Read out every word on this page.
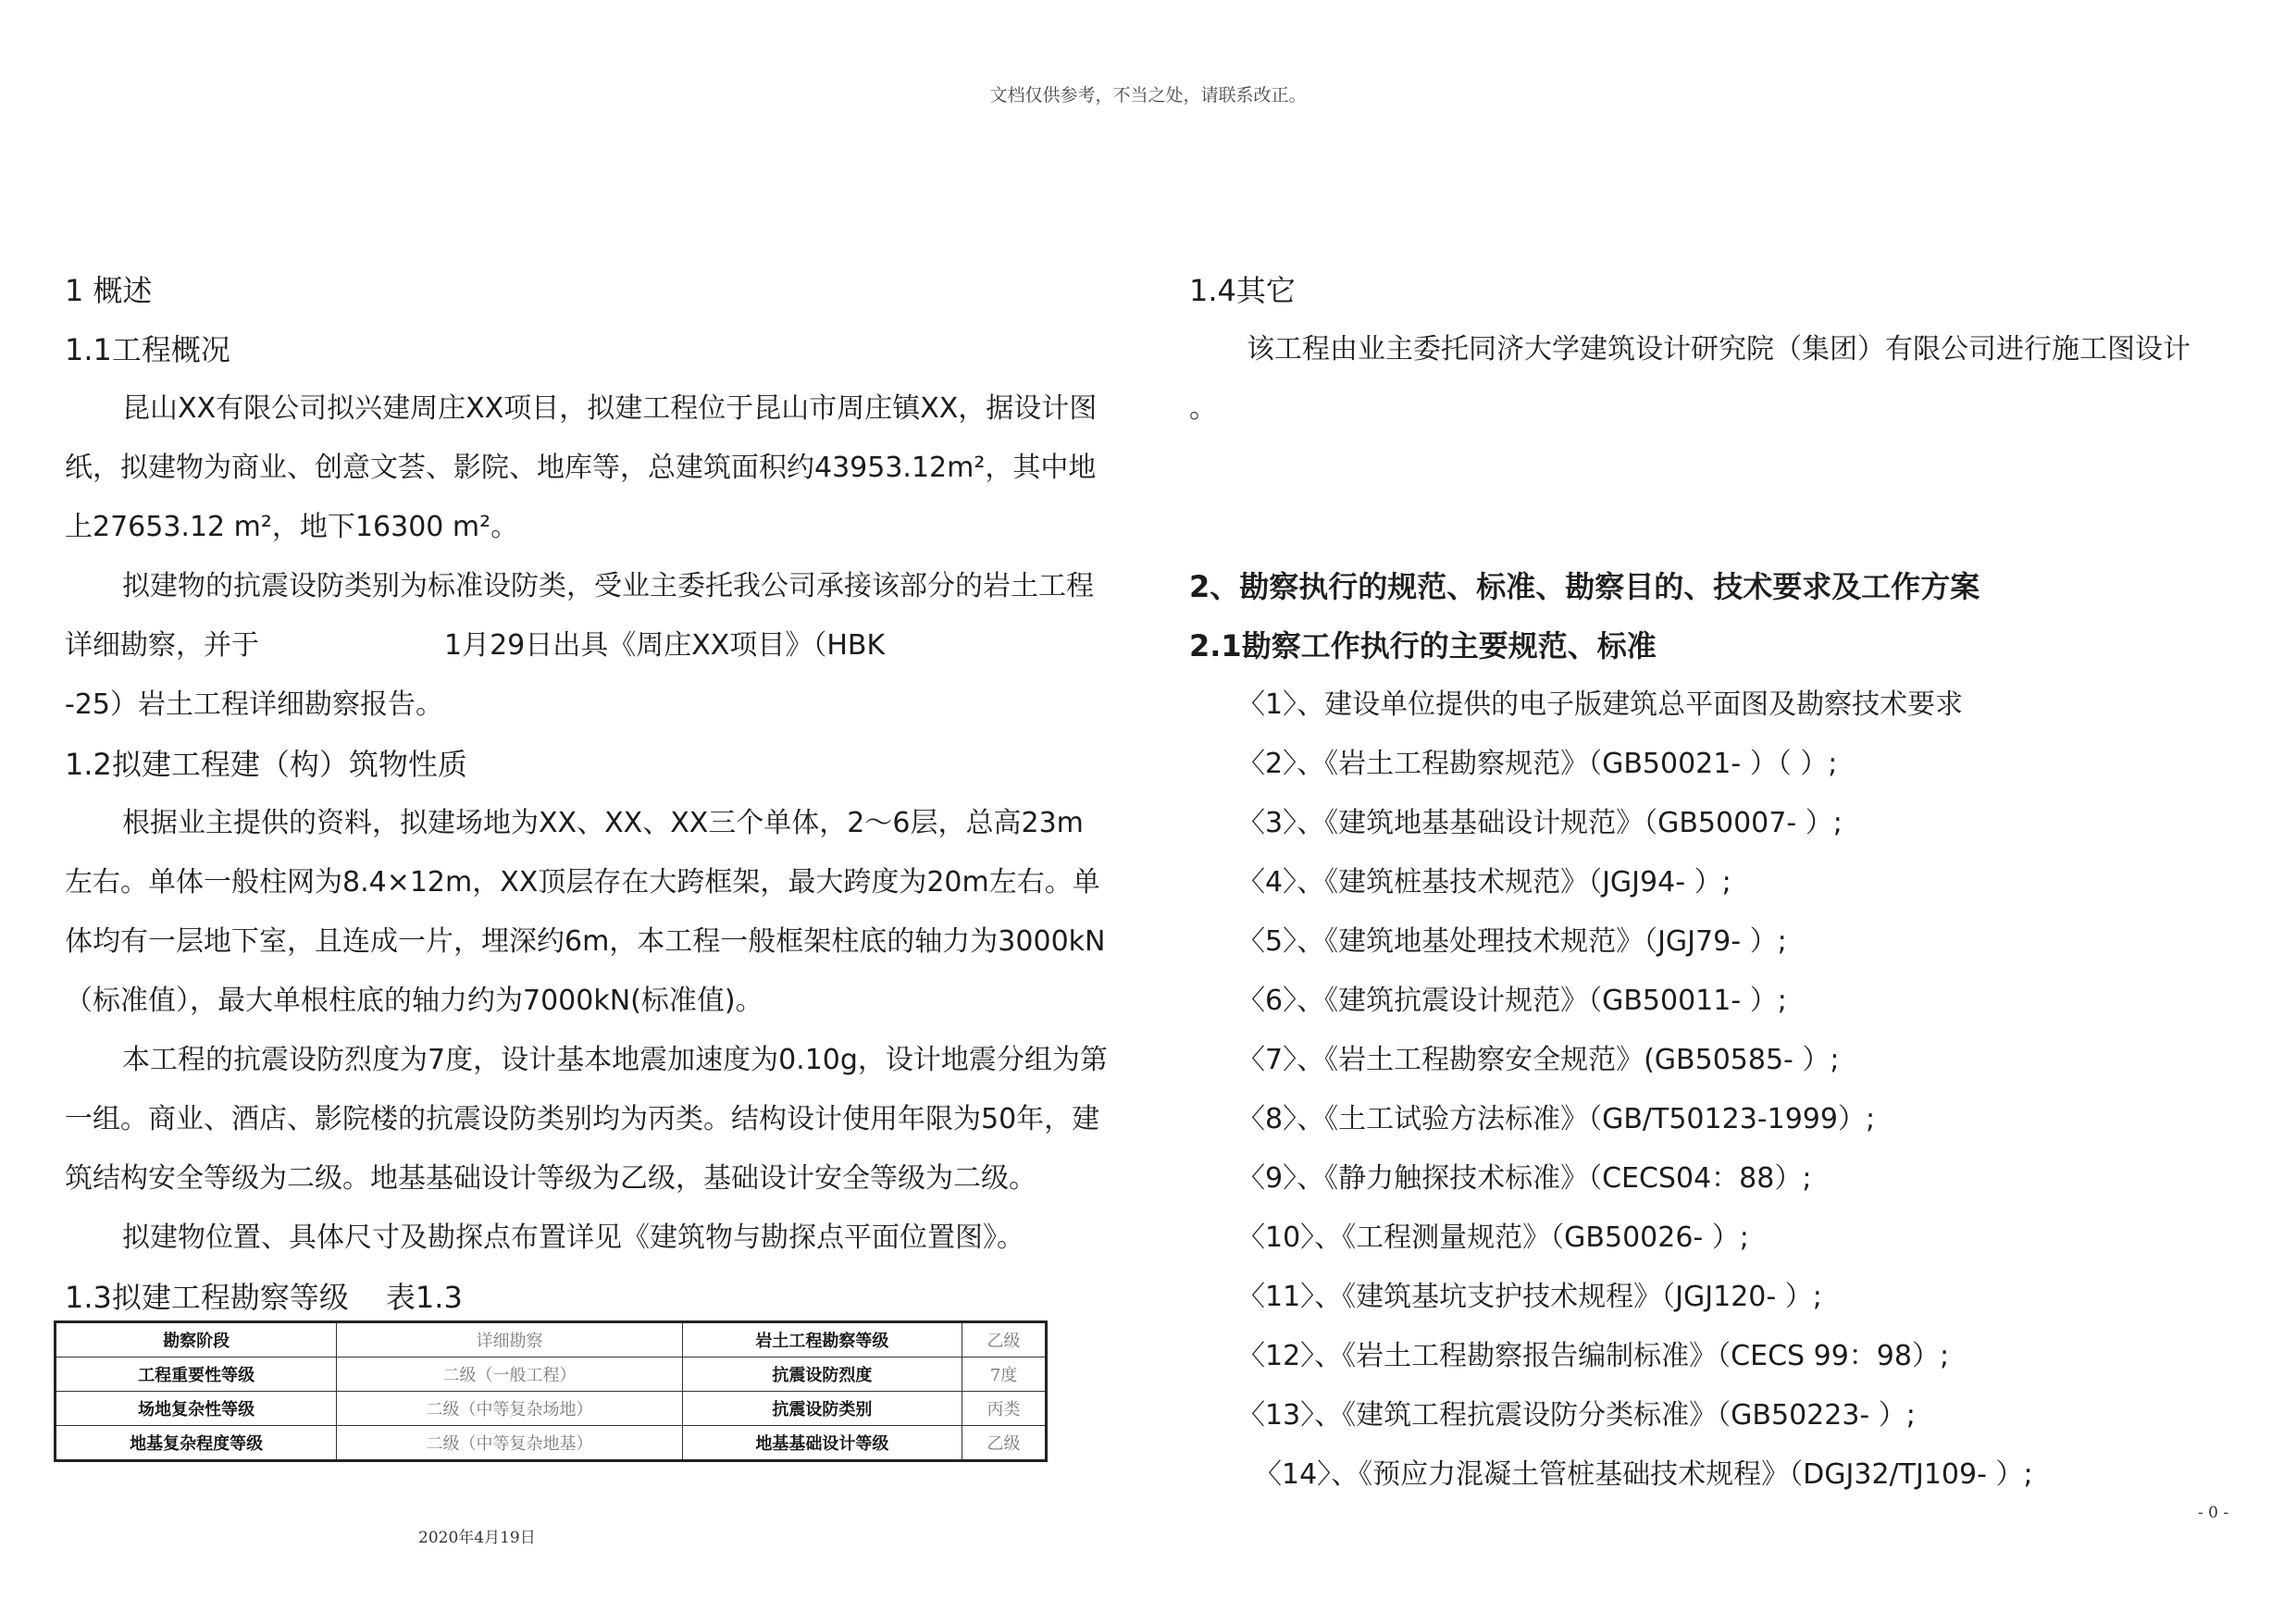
文档仅供参考，不当之处，请联系改正。

1 概述

1.1工程概况

昆山XX有限公司拟兴建周庄XX项目，拟建工程位于昆山市周庄镇XX，据设计图纸，拟建物为商业、创意文荟、影院、地库等，总建筑面积约43953.12m²，其中地上27653.12 m²，地下16300 m²。

拟建物的抗震设防类别为标准设防类，受业主委托我公司承接该部分的岩土工程详细勘察，并于	1月29日出具《周庄XX项目》（HBK-25）岩土工程详细勘察报告。

1.2拟建工程建（构）筑物性质

根据业主提供的资料，拟建场地为XX、XX、XX三个单体，2～6层，总高23m左右。单体一般柱网为8.4×12m，XX顶层存在大跨框架，最大跨度为20m左右。单体均有一层地下室，且连成一片，埋深约6m，本工程一般框架柱底的轴力为3000kN（标准值），最大单根柱底的轴力约为7000kN(标准值)。

本工程的抗震设防烈度为7度，设计基本地震加速度为0.10g，设计地震分组为第一组。商业、酒店、影院楼的抗震设防类别均为丙类。结构设计使用年限为50年，建筑结构安全等级为二级。地基基础设计等级为乙级，基础设计安全等级为二级。

拟建物位置、具体尺寸及勘探点布置详见《建筑物与勘探点平面位置图》。

1.3拟建工程勘察等级 表1.3

勘察阶段	详细勘察	岩土工程勘察等级	乙级
工程重要性等级	二级（一般工程）	抗震设防烈度	7度
场地复杂性等级	二级（中等复杂场地）	抗震设防类别	丙类
地基复杂程度等级	二级（中等复杂地基）	地基基础设计等级	乙级

1.4其它

该工程由业主委托同济大学建筑设计研究院（集团）有限公司进行施工图设计

。

2、勘察执行的规范、标准、勘察目的、技术要求及工作方案

2.1勘察工作执行的主要规范、标准

〈1〉、建设单位提供的电子版建筑总平面图及勘察技术要求

〈2〉、《岩土工程勘察规范》（GB50021- ）（ ）;

〈3〉、《建筑地基基础设计规范》（GB50007- ）;

〈4〉、《建筑桩基技术规范》（JGJ94- ）;

〈5〉、《建筑地基处理技术规范》（JGJ79- ）;

〈6〉、《建筑抗震设计规范》（GB50011- ）;

〈7〉、《岩土工程勘察安全规范》(GB50585- ）;

〈8〉、《土工试验方法标准》（GB/T50123-1999）;

〈9〉、《静力触探技术标准》（CECS04：88）;

〈10〉、《工程测量规范》（GB50026- ）;

〈11〉、《建筑基坑支护技术规程》（JGJ120- ）;

〈12〉、《岩土工程勘察报告编制标准》（CECS 99：98）;

〈13〉、《建筑工程抗震设防分类标准》（GB50223- ）;

〈14〉、《预应力混凝土管桩基础技术规程》（DGJ32/TJ109- ）;

- 0 -
2020年4月19日
